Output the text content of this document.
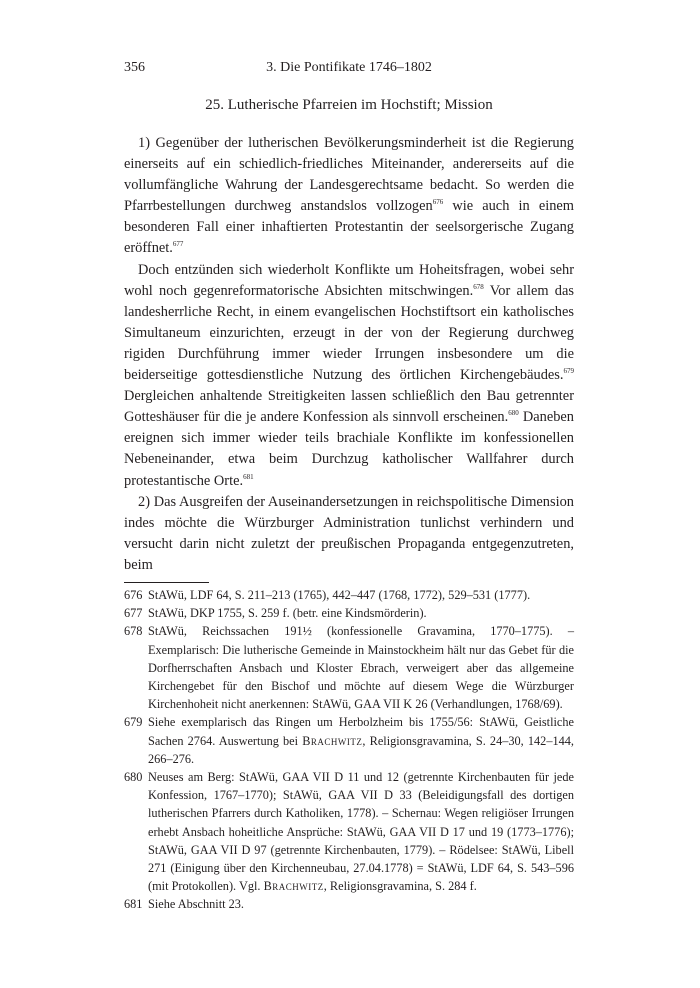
356	3. Die Pontifikate 1746–1802
25. Lutherische Pfarreien im Hochstift; Mission

1) Gegenüber der lutherischen Bevölkerungsminderheit ist die Regierung einerseits auf ein schiedlich-friedliches Miteinander, andererseits auf die vollumfängliche Wahrung der Landesgerechtsame bedacht. So werden die Pfarrbestellungen durchweg anstandslos vollzogen$^{676}$ wie auch in einem besonderen Fall einer inhaftierten Protestantin der seelsorgerische Zugang eröffnet.$^{677}$

Doch entzünden sich wiederholt Konflikte um Hoheitsfragen, wobei sehr wohl noch gegenreformatorische Absichten mitschwingen.$^{678}$ Vor allem das landesherrliche Recht, in einem evangelischen Hochstiftsort ein katholisches Simultaneum einzurichten, erzeugt in der von der Regierung durchweg rigiden Durchführung immer wieder Irrungen insbesondere um die beiderseitige gottesdienstliche Nutzung des örtlichen Kirchengebäudes.$^{679}$ Dergleichen anhaltende Streitigkeiten lassen schließlich den Bau getrennter Gotteshäuser für die je andere Konfession als sinnvoll erscheinen.$^{680}$ Daneben ereignen sich immer wieder teils brachiale Konflikte im konfessionellen Nebeneinander, etwa beim Durchzug katholischer Wallfahrer durch protestantische Orte.$^{681}$

2) Das Ausgreifen der Auseinandersetzungen in reichspolitische Dimension indes möchte die Würzburger Administration tunlichst verhindern und versucht darin nicht zuletzt der preußischen Propaganda entgegenzutreten, beim

676 StAWü, LDF 64, S. 211–213 (1765), 442–447 (1768, 1772), 529–531 (1777).
677 StAWü, DKP 1755, S. 259 f. (betr. eine Kindsmörderin).
678 StAWü, Reichssachen 191½ (konfessionelle Gravamina, 1770–1775). – Exemplarisch: Die lutherische Gemeinde in Mainstockheim hält nur das Gebet für die Dorfherrschaften Ansbach und Kloster Ebrach, verweigert aber das allgemeine Kirchengebet für den Bischof und möchte auf diesem Wege die Würzburger Kirchenhoheit nicht anerkennen: StAWü, GAA VII K 26 (Verhandlungen, 1768/69).
679 Siehe exemplarisch das Ringen um Herbolzheim bis 1755/56: StAWü, Geistliche Sachen 2764. Auswertung bei Brachwitz, Religionsgravamina, S. 24–30, 142–144, 266–276.
680 Neuses am Berg: StAWü, GAA VII D 11 und 12 (getrennte Kirchenbauten für jede Konfession, 1767–1770); StAWü, GAA VII D 33 (Beleidigungsfall des dortigen lutherischen Pfarrers durch Katholiken, 1778). – Schernau: Wegen religiöser Irrungen erhebt Ansbach hoheitliche Ansprüche: StAWü, GAA VII D 17 und 19 (1773–1776); StAWü, GAA VII D 97 (getrennte Kirchenbauten, 1779). – Rödelsee: StAWü, Libell 271 (Einigung über den Kirchenneubau, 27.04.1778) = StAWü, LDF 64, S. 543–596 (mit Protokollen). Vgl. Brachwitz, Religionsgravamina, S. 284 f.
681 Siehe Abschnitt 23.
